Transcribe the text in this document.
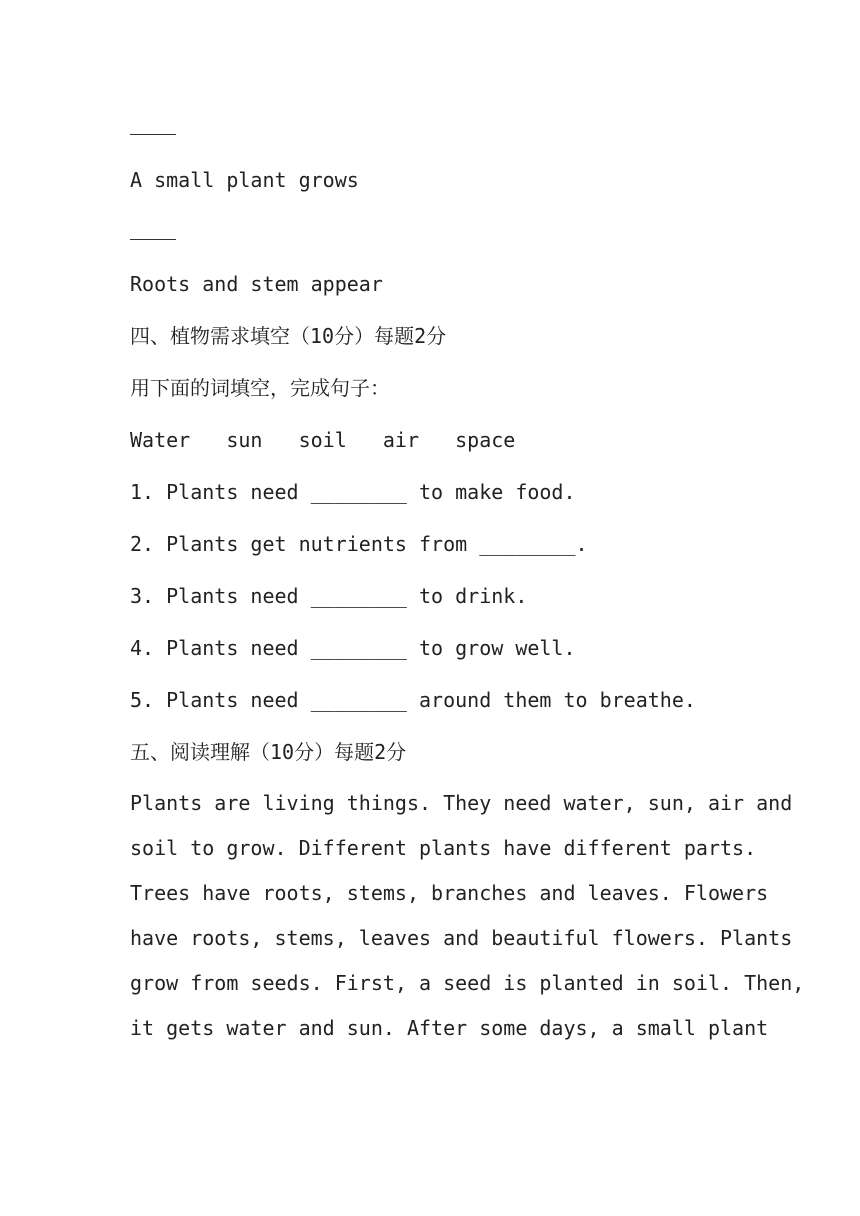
A small plant grows
Roots and stem appear
四、植物需求填空（10分）每题2分
用下面的词填空，完成句子：
Water   sun   soil   air   space
1. Plants need ________ to make food.
2. Plants get nutrients from ________.
3. Plants need ________ to drink.
4. Plants need ________ to grow well.
5. Plants need ________ around them to breathe.
五、阅读理解（10分）每题2分
Plants are living things. They need water, sun, air and
soil to grow. Different plants have different parts.
Trees have roots, stems, branches and leaves. Flowers
have roots, stems, leaves and beautiful flowers. Plants
grow from seeds. First, a seed is planted in soil. Then,
it gets water and sun. After some days, a small plant
